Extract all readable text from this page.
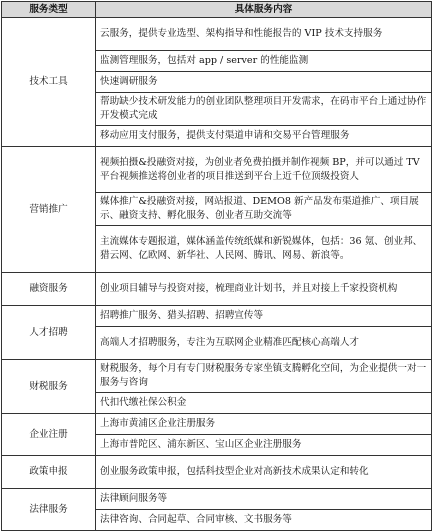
服务类型	具体服务内容
技术工具	云服务，提供专业选型、架构指导和性能报告的 VIP 技术支持服务
	监测管理服务，包括对 app / server 的性能监测
	快速调研服务
	帮助缺少技术研发能力的创业团队整理项目开发需求，在码市平台上通过协作开发模式完成
	移动应用支付服务，提供支付渠道申请和交易平台管理服务
营销推广	视频拍摄&投融资对接，为创业者免费拍摄并制作视频 BP，并可以通过 TV 平台视频推送将创业者的项目推送到平台上近千位顶级投资人
	媒体推广&投融资对接，网站报道、DEMO8 新产品发布渠道推广、项目展示、融资支持、孵化服务、创业者互助交流等
	主流媒体专题报道，媒体涵盖传统纸媒和新锐媒体，包括：36 氪、创业邦、猎云网、亿欧网、新华社、人民网、腾讯、网易、新浪等。
融资服务	创业项目辅导与投资对接，梳理商业计划书，并且对接上千家投资机构
人才招聘	招聘推广服务、猎头招聘、招聘宣传等
	高端人才招聘服务，专注为互联网企业精准匹配核心高端人才
财税服务	财税服务，每个月有专门财税服务专家坐镇支腾孵化空间，为企业提供一对一服务与咨询
	代扣代缴社保公积金
企业注册	上海市黄浦区企业注册服务
	上海市普陀区、浦东新区、宝山区企业注册服务
政策申报	创业服务政策申报，包括科技型企业对高新技术成果认定和转化
法律服务	法律顾问服务等
	法律咨询、合同起草、合同审核、文书服务等
